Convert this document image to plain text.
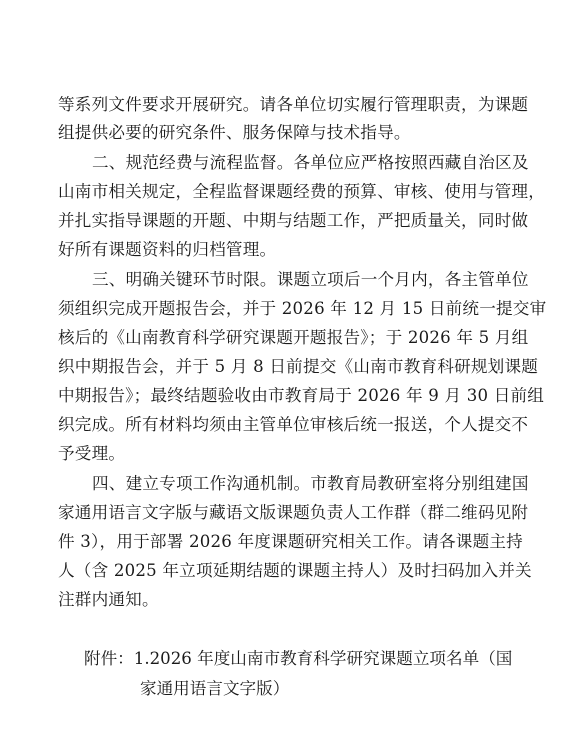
等系列文件要求开展研究。请各单位切实履行管理职责，为课题
组提供必要的研究条件、服务保障与技术指导。
二、规范经费与流程监督。各单位应严格按照西藏自治区及
山南市相关规定，全程监督课题经费的预算、审核、使用与管理，
并扎实指导课题的开题、中期与结题工作，严把质量关，同时做
好所有课题资料的归档管理。
三、明确关键环节时限。课题立项后一个月内，各主管单位
须组织完成开题报告会，并于 2026 年 12 月 15 日前统一提交审
核后的《山南教育科学研究课题开题报告》；于 2026 年 5 月组
织中期报告会，并于 5 月 8 日前提交《山南市教育科研规划课题
中期报告》；最终结题验收由市教育局于 2026 年 9 月 30 日前组
织完成。所有材料均须由主管单位审核后统一报送，个人提交不
予受理。
四、建立专项工作沟通机制。市教育局教研室将分别组建国
家通用语言文字版与藏语文版课题负责人工作群（群二维码见附
件 3），用于部署 2026 年度课题研究相关工作。请各课题主持
人（含 2025 年立项延期结题的课题主持人）及时扫码加入并关
注群内通知。
附件：1.2026 年度山南市教育科学研究课题立项名单（国
家通用语言文字版）
